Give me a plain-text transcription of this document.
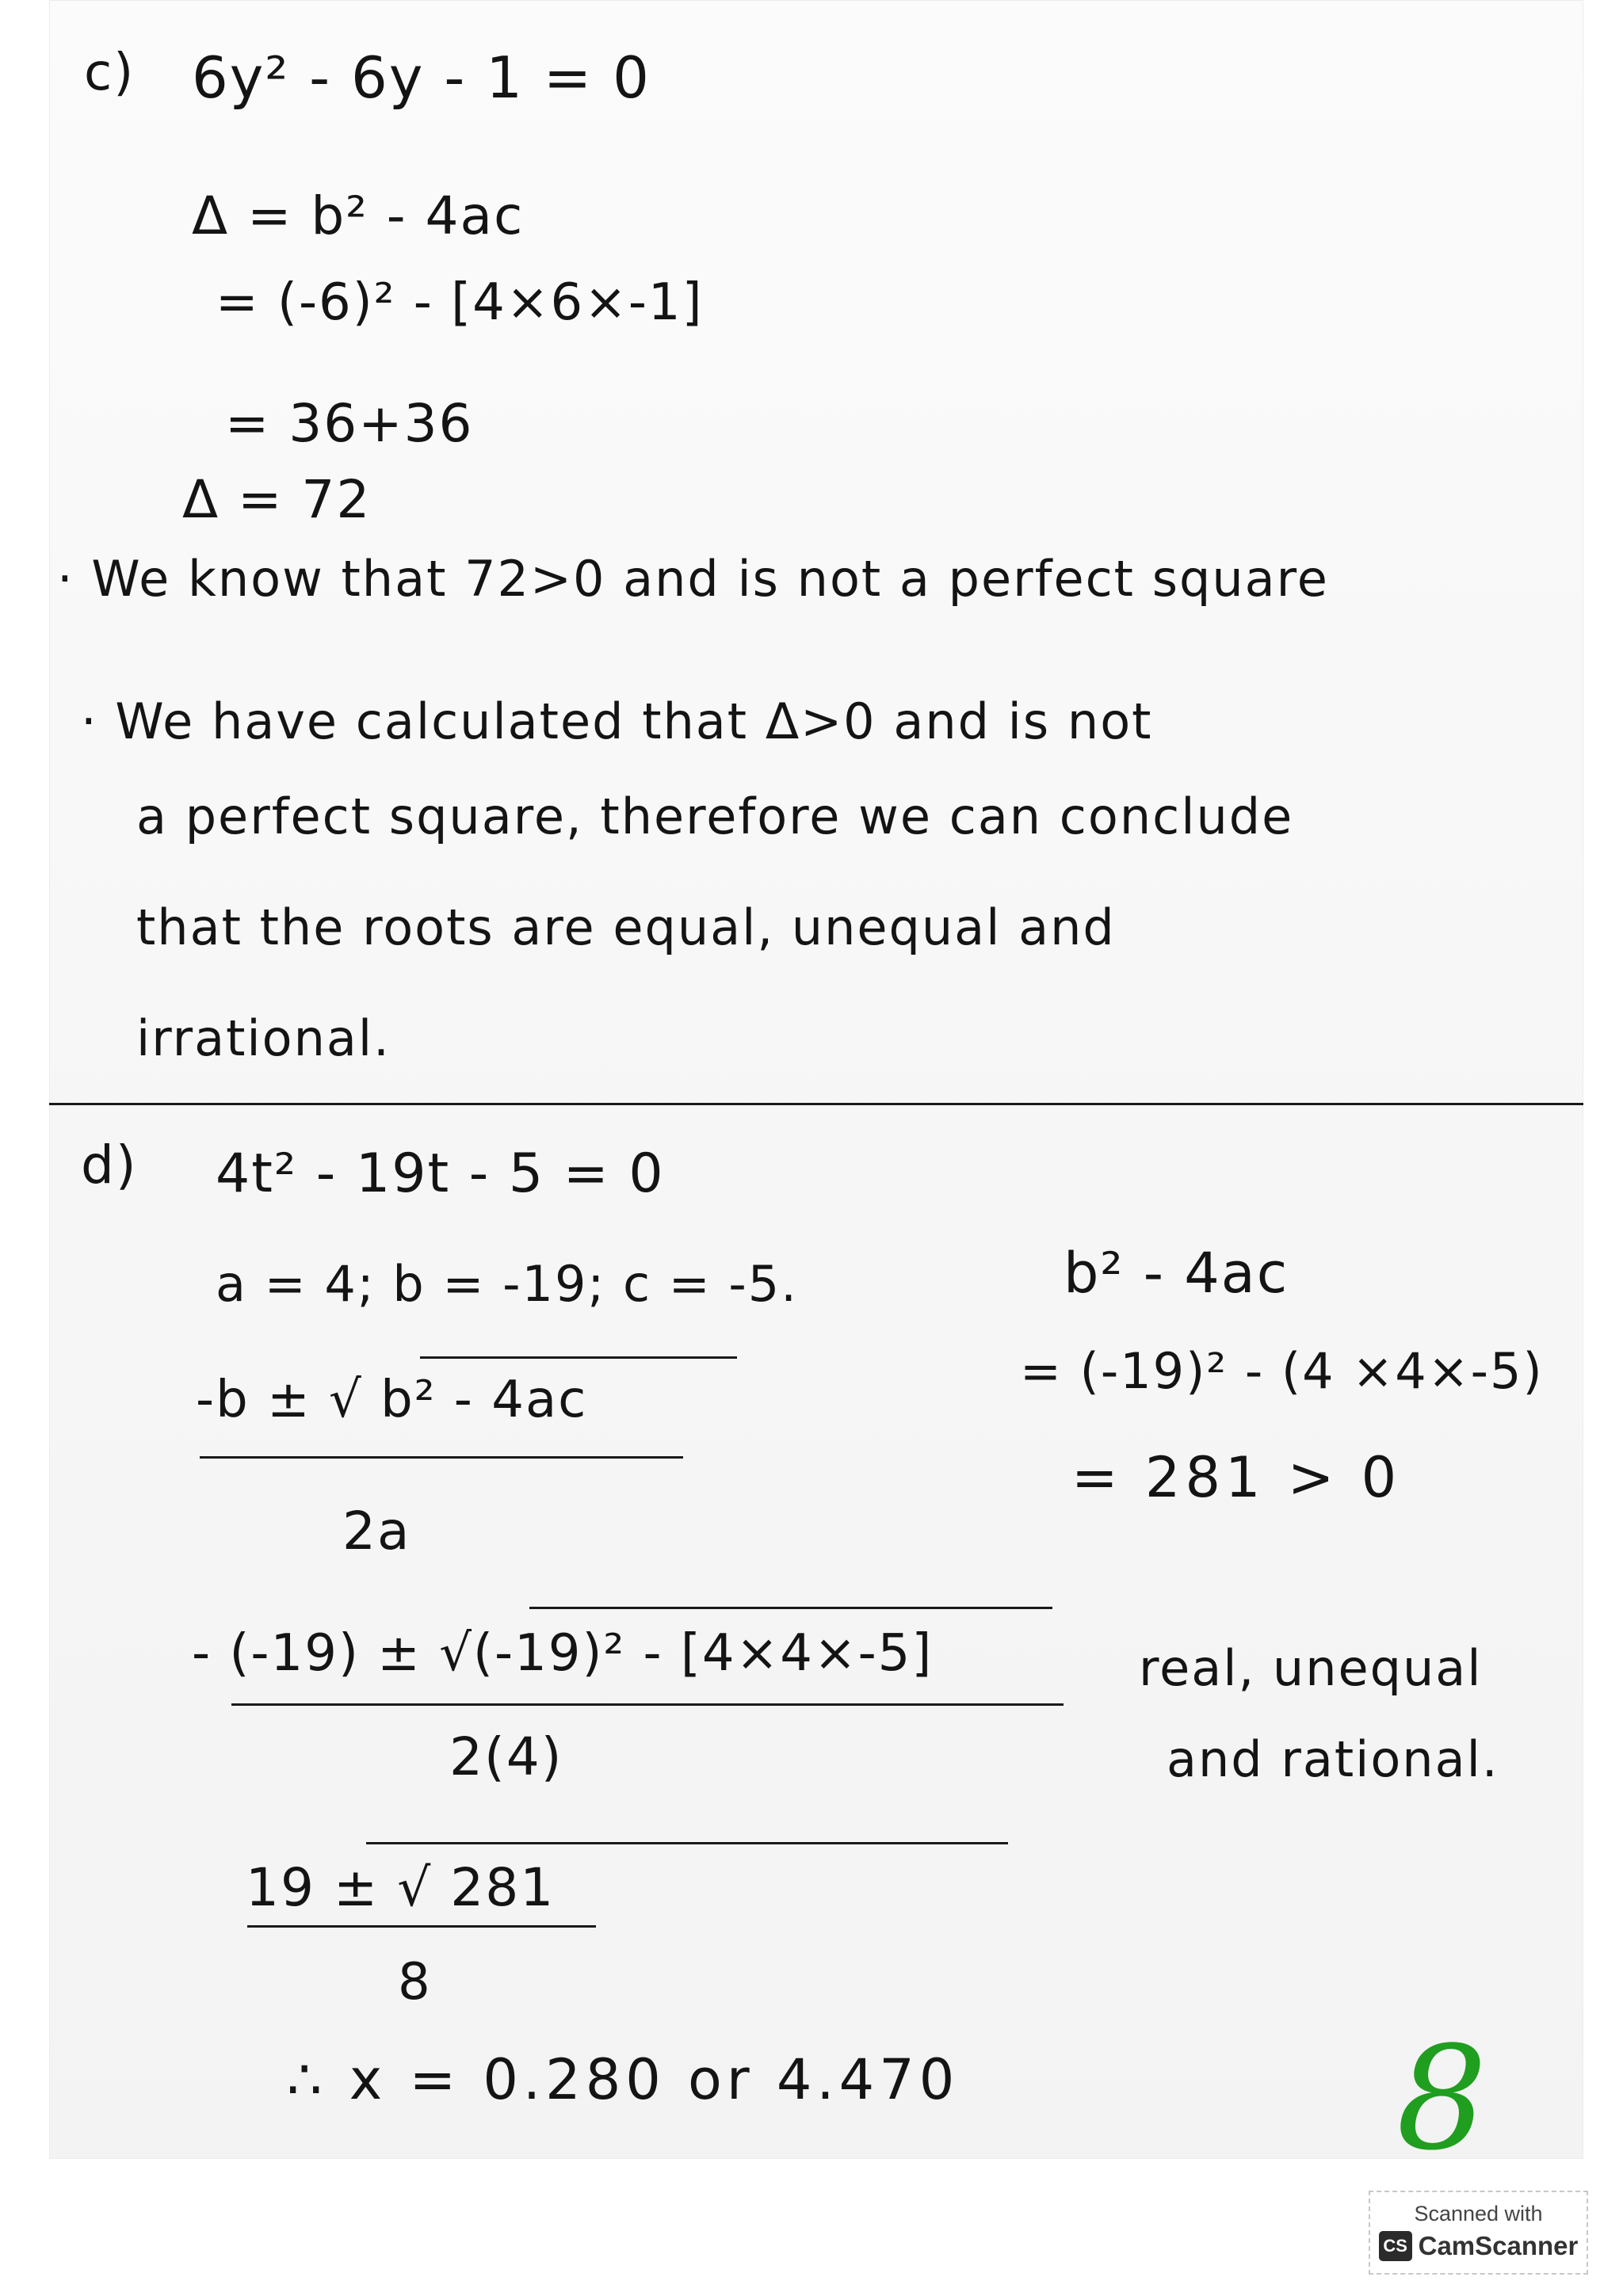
c) 6y² - 6y - 1 = 0
Δ = b² - 4ac
= (-6)² - [4×6×-1]
= 36+36
Δ = 72
· We know that 72>0 and is not a perfect square
· We have calculated that Δ>0 and is not
a perfect square, therefore we can conclude
that the roots are equal, unequal and
irrational.
d) 4t² - 19t - 5 = 0
a = 4; b = -19; c = -5.
-b ± √ b² - 4ac
2a
- (-19) ± √(-19)² - [4×4×-5]
2(4)
19 ± √ 281
8
∴ x = 0.280 or 4.470
b² - 4ac
= (-19)² - (4 ×4×-5)
= 281 > 0
real, unequal
and rational.
8
Scanned with
CS CamScanner
